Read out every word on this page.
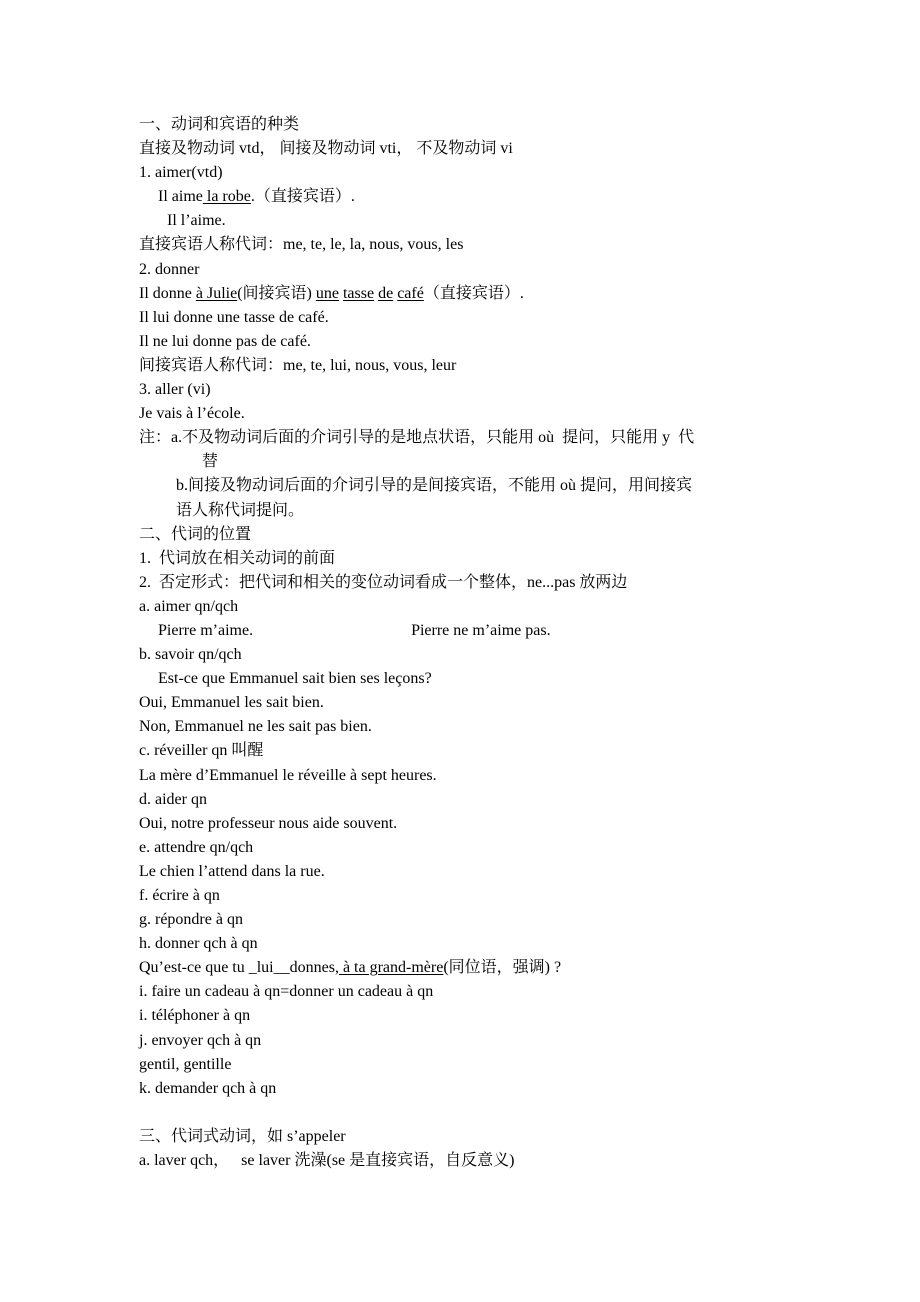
一、动词和宾语的种类
直接及物动词 vtd， 间接及物动词 vti， 不及物动词 vi
1. aimer(vtd)
Il aime la robe.（直接宾语）.
Il l’aime.
直接宾语人称代词：me, te, le, la, nous, vous, les
2. donner
Il donne à Julie(间接宾语) une tasse de café（直接宾语）.
Il lui donne une tasse de café.
Il ne lui donne pas de café.
间接宾语人称代词：me, te, lui, nous, vous, leur
3. aller (vi)
Je vais à l’école.
注：a.不及物动词后面的介词引导的是地点状语，只能用 où  提问，只能用 y  代
替
b.间接及物动词后面的介词引导的是间接宾语，不能用 où 提问，用间接宾
语人称代词提问。
二、代词的位置
1.  代词放在相关动词的前面
2.  否定形式：把代词和相关的变位动词看成一个整体，ne...pas 放两边
a. aimer qn/qch
Pierre m’aime.	Pierre ne m’aime pas.
b. savoir qn/qch
Est-ce que Emmanuel sait bien ses leçons?
Oui, Emmanuel les sait bien.
Non, Emmanuel ne les sait pas bien.
c. réveiller qn 叫醒
La mère d’Emmanuel le réveille à sept heures.
d. aider qn
Oui, notre professeur nous aide souvent.
e. attendre qn/qch
Le chien l’attend dans la rue.
f. écrire à qn
g. répondre à qn
h. donner qch à qn
Qu’est-ce que tu _lui__donnes, à ta grand-mère(同位语，强调) ?
i. faire un cadeau à qn=donner un cadeau à qn
i. téléphoner à qn
j. envoyer qch à qn
gentil, gentille
k. demander qch à qn
三、代词式动词，如 s’appeler
a. laver qch，   se laver 洗澡(se 是直接宾语，自反意义)
